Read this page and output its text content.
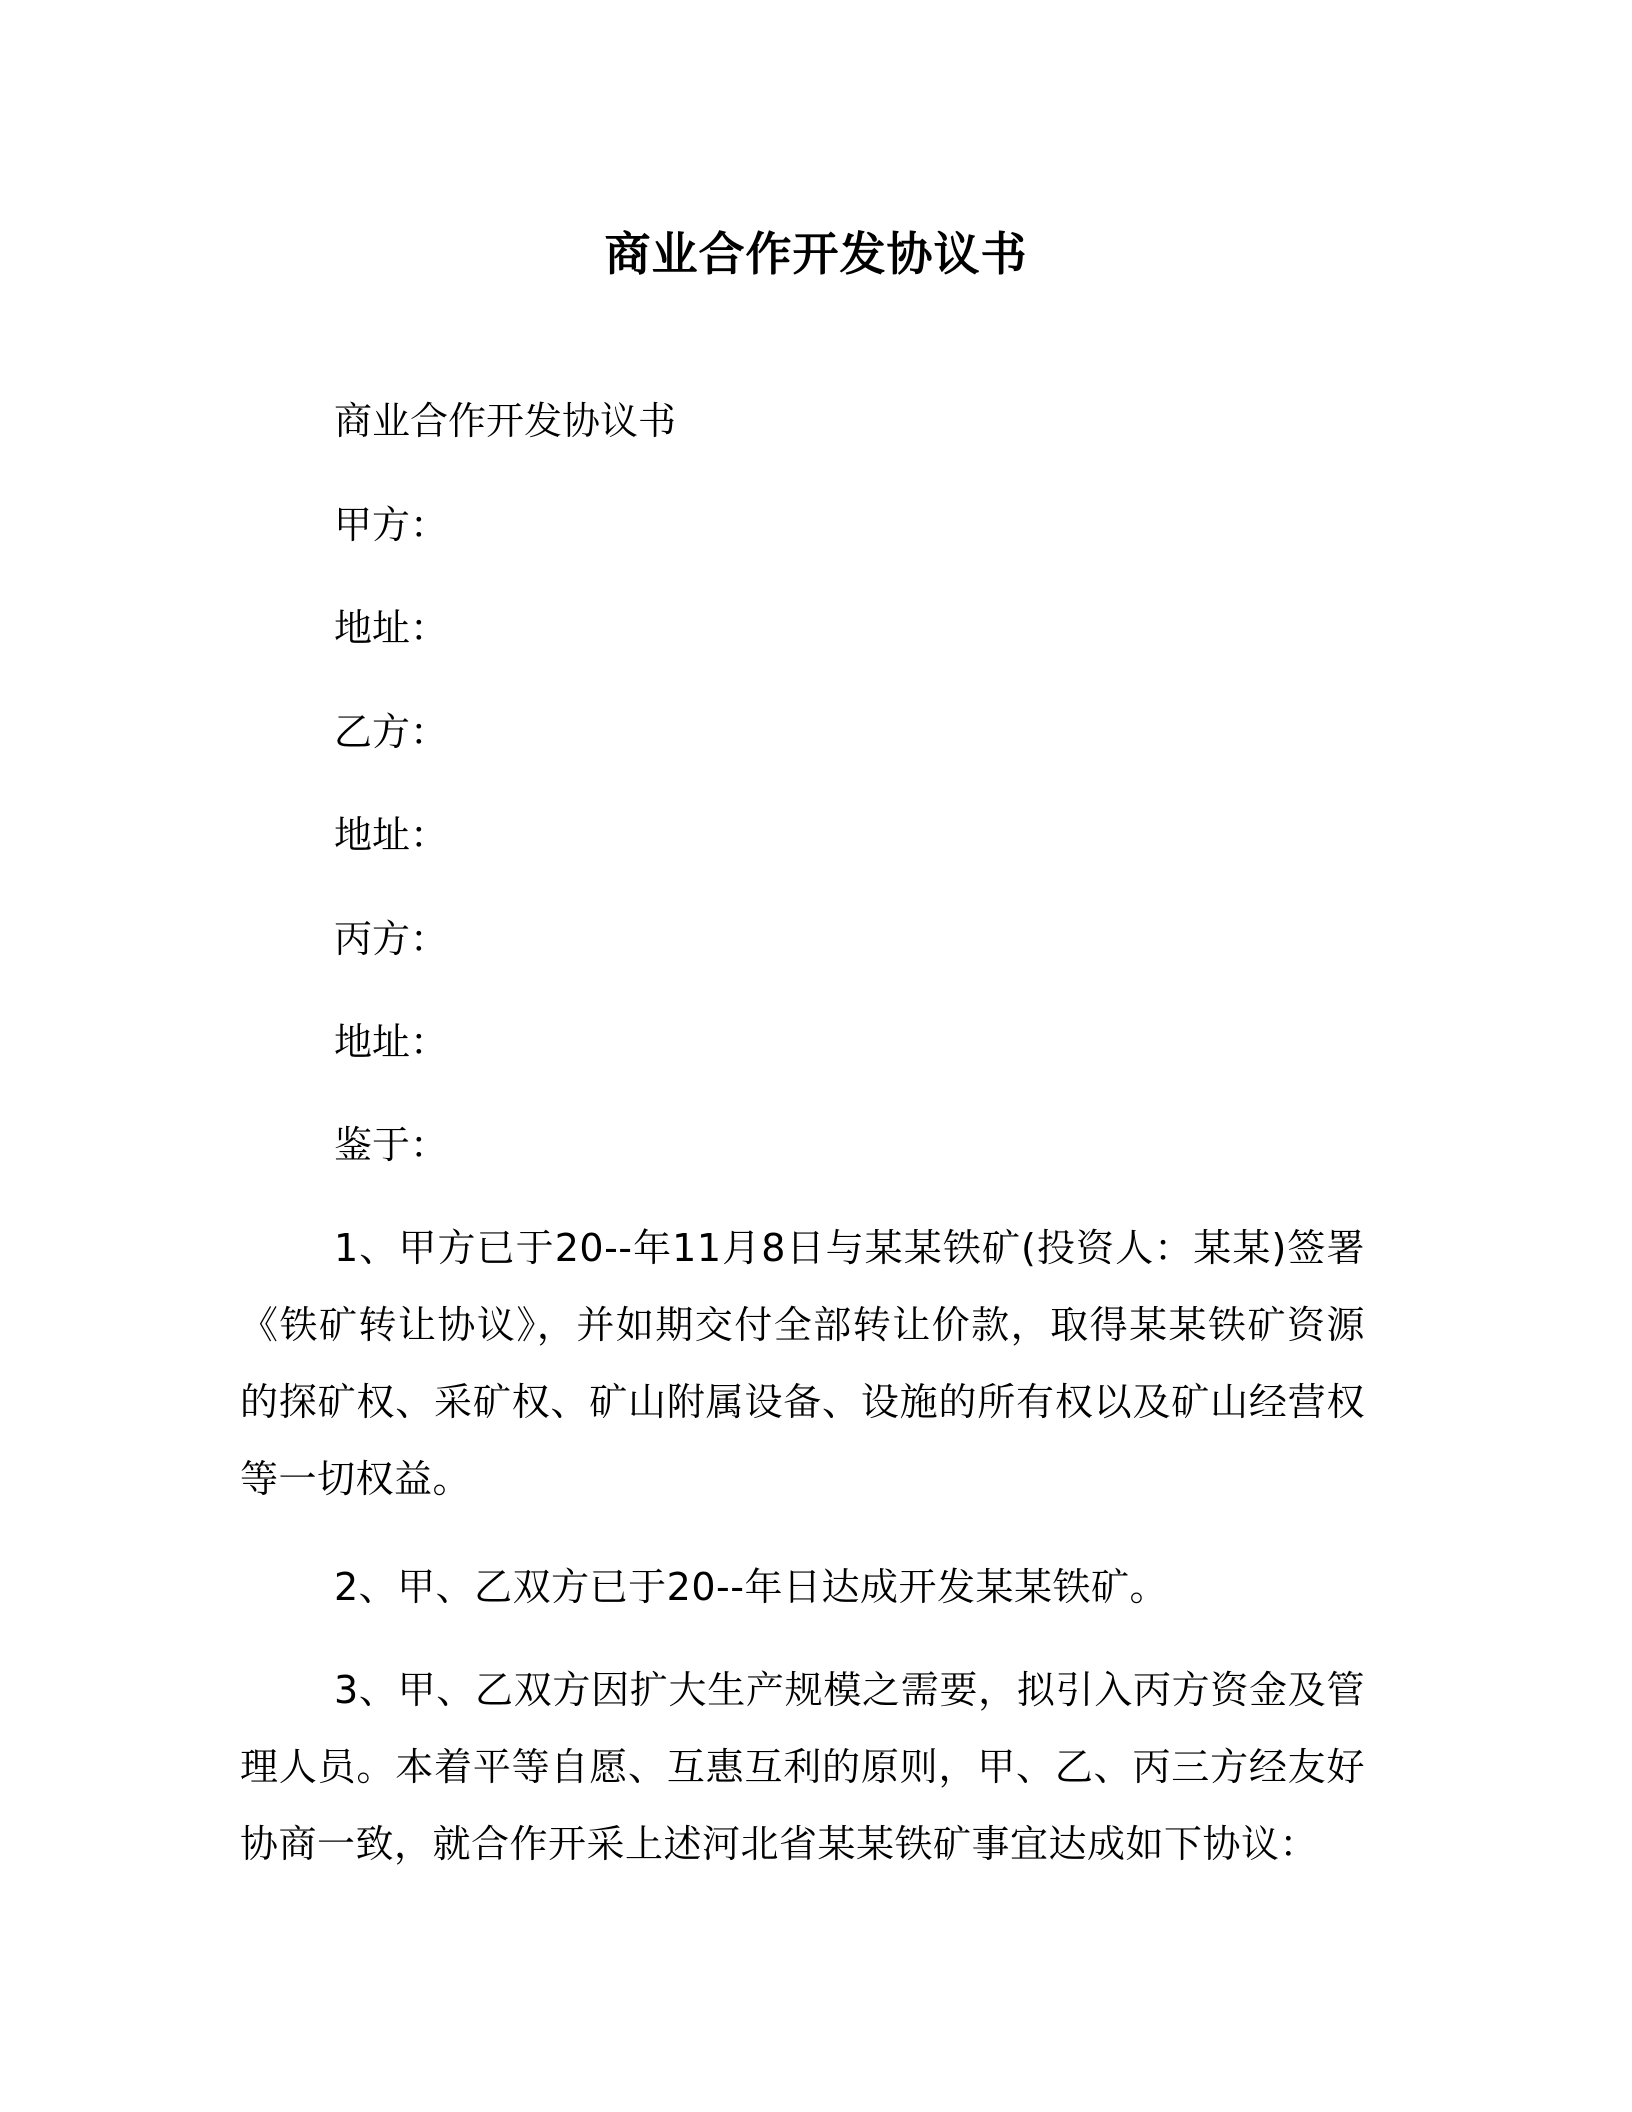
商业合作开发协议书
商业合作开发协议书
甲方：
地址：
乙方：
地址：
丙方：
地址：
鉴于：
1、甲方已于20--年11月8日与某某铁矿(投资人：某某)签署《铁矿转让协议》，并如期交付全部转让价款，取得某某铁矿资源的探矿权、采矿权、矿山附属设备、设施的所有权以及矿山经营权等一切权益。
2、甲、乙双方已于20--年日达成开发某某铁矿。
3、甲、乙双方因扩大生产规模之需要，拟引入丙方资金及管理人员。本着平等自愿、互惠互利的原则，甲、乙、丙三方经友好协商一致，就合作开采上述河北省某某铁矿事宜达成如下协议：
